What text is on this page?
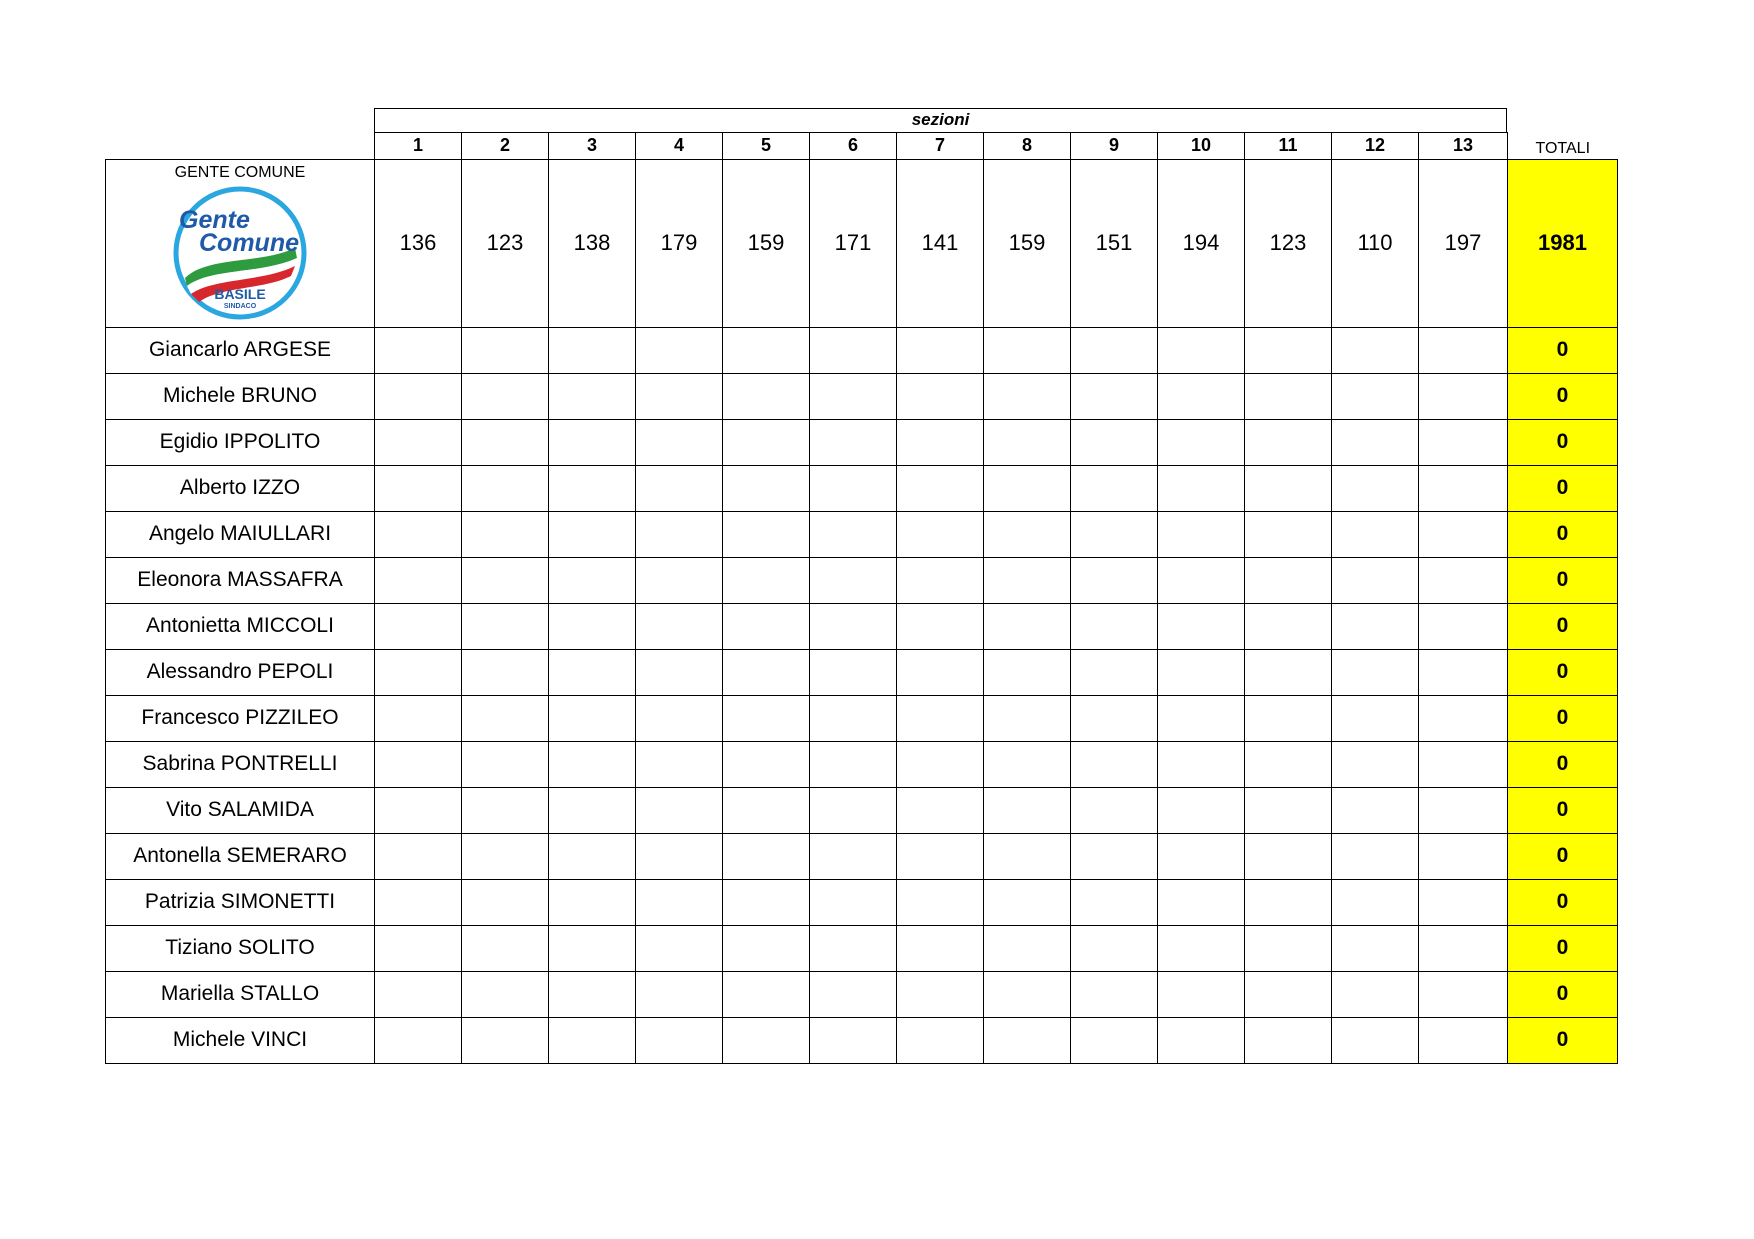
sezioni
	1	2	3	4	5	6	7	8	9	10	11	12	13	TOTALI

GENTE COMUNE
Gente
Comune
BASILE
SINDACO	136	123	138	179	159	171	141	159	151	194	123	110	197	1981
Giancarlo ARGESE														0
Michele BRUNO														0
Egidio IPPOLITO														0
Alberto IZZO														0
Angelo MAIULLARI														0
Eleonora MASSAFRA														0
Antonietta MICCOLI														0
Alessandro PEPOLI														0
Francesco PIZZILEO														0
Sabrina PONTRELLI														0
Vito SALAMIDA														0
Antonella SEMERARO														0
Patrizia SIMONETTI														0
Tiziano SOLITO														0
Mariella STALLO														0
Michele VINCI														0
